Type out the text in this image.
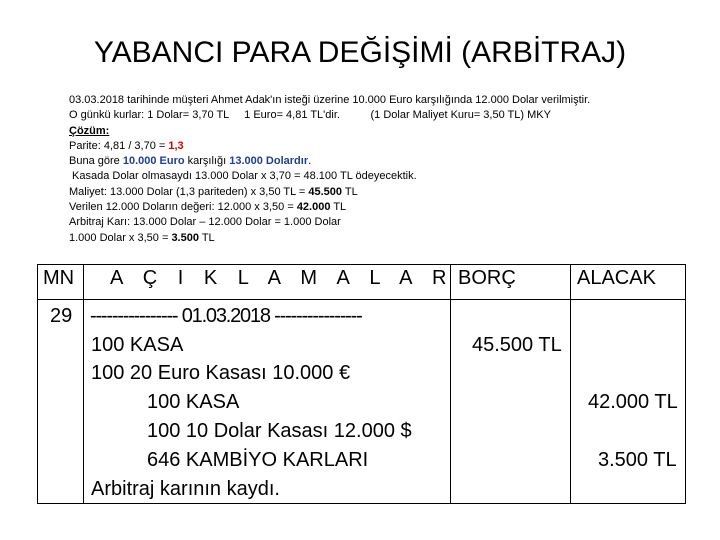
YABANCI PARA DEĞİŞİMİ (ARBİTRAJ)
03.03.2018 tarihinde müşteri Ahmet Adak'ın isteği üzerine 10.000 Euro karşılığında 12.000 Dolar verilmiştir.
O günkü kurlar: 1 Dolar= 3,70 TL     1 Euro= 4,81 TL'dir.          (1 Dolar Maliyet Kuru= 3,50 TL) MKY
Çözüm:
Parite: 4,81 / 3,70 = 1,3
Buna göre 10.000 Euro karşılığı 13.000 Dolardır.
Kasada Dolar olmasaydı 13.000 Dolar x 3,70 = 48.100 TL ödeyecektik.
Maliyet: 13.000 Dolar (1,3 pariteden) x 3,50 TL = 45.500 TL
Verilen 12.000 Doların değeri: 12.000 x 3,50 = 42.000 TL
Arbitraj Karı: 13.000 Dolar – 12.000 Dolar = 1.000 Dolar
1.000 Dolar x 3,50 = 3.500 TL
MN A Ç I K L A M A L A R BORÇ	ALACAK
29 ---------------- 01.03.2018 ----------------
100 KASA
100 20 Euro Kasası 10.000 €
100 KASA
100 10 Dolar Kasası 12.000 $
646 KAMBİYO KARLARI
Arbitraj karının kaydı.
45.500 TL
42.000 TL
3.500 TL
